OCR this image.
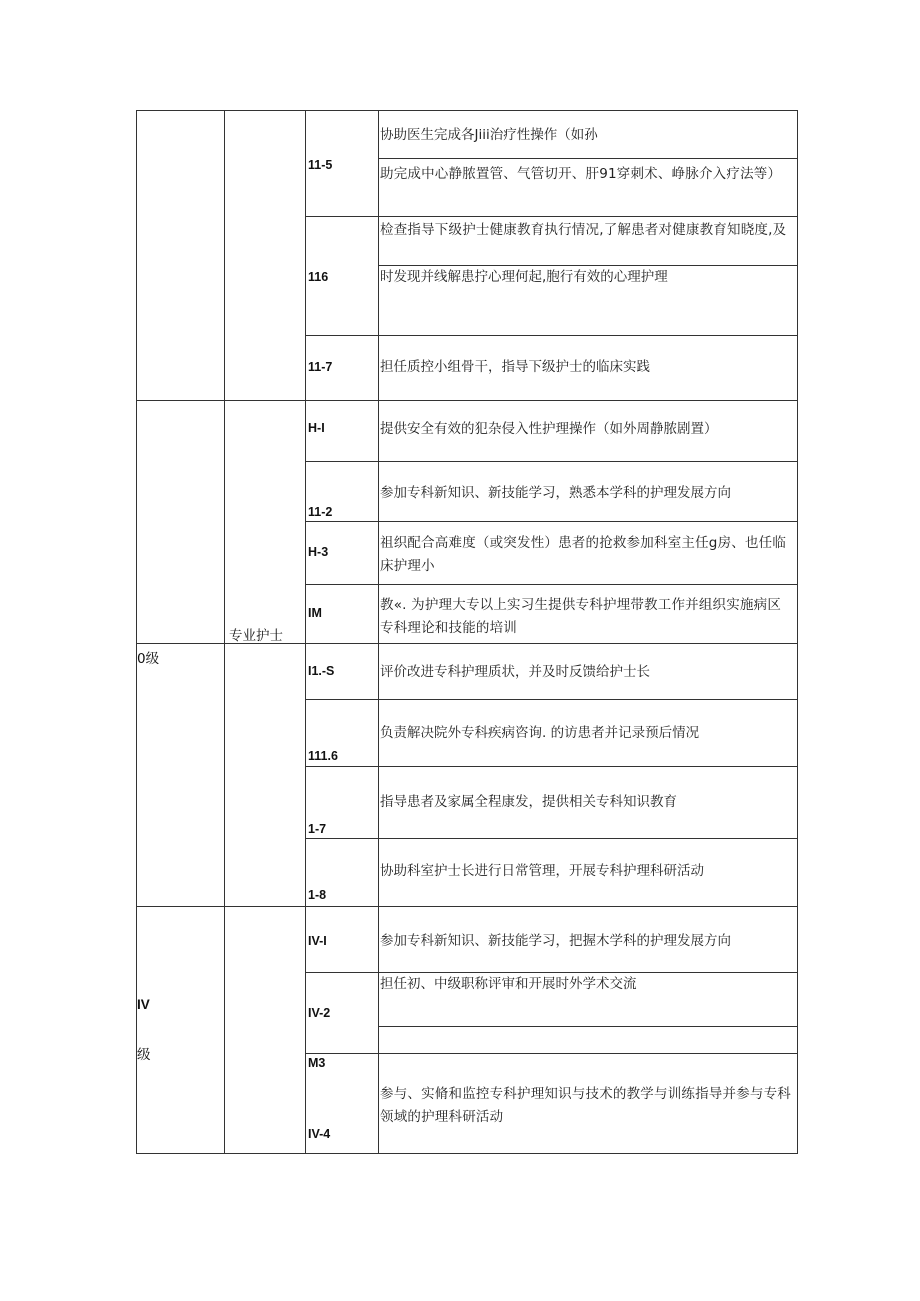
11-5
116
11-7
协助医生完成各Jiii治疗性操作（如孙
助完成中心静脓置管、气管切开、肝91穿刺术、峥脉介入疗法等）
检查指导下级护士健康教育执行情况,了解患者对健康教育知晓度,及
时发现并线解患拧心理何起,胞行有效的心理护理
担任质控小组骨干，指导下级护士的临床实践
0级
专业护士
H-I
11-2
H-3
IM
I1.-S
111.6
1-7
1-8
提供安全有效的犯杂侵入性护理操作（如外周静脓剧置）
参加专科新知识、新技能学习，熟悉本学科的护理发展方向
祖织配合高难度（或突发性）患者的抢救参加科室主任g房、也任临床护理小
教«. 为护理大专以上实习生提供专科护埋带教工作并组织实施病区专科理论和技能的培训
评价改进专科护理质状，并及时反馈给护士长
负责解决院外专科疾病咨询. 的访患者并记录预后情况
指导患者及家属全程康发，提供相关专科知识教育
协助科室护士长进行日常管理，开展专科护理科研活动
IV
级
IV-I
IV-2
M3
IV-4
参加专科新知识、新技能学习，把握木学科的护理发展方向
担任初、中级职称评审和开展时外学术交流
参与、实脩和监控专科护理知识与技术的教学与训练指导并参与专科领域的护理科研活动
